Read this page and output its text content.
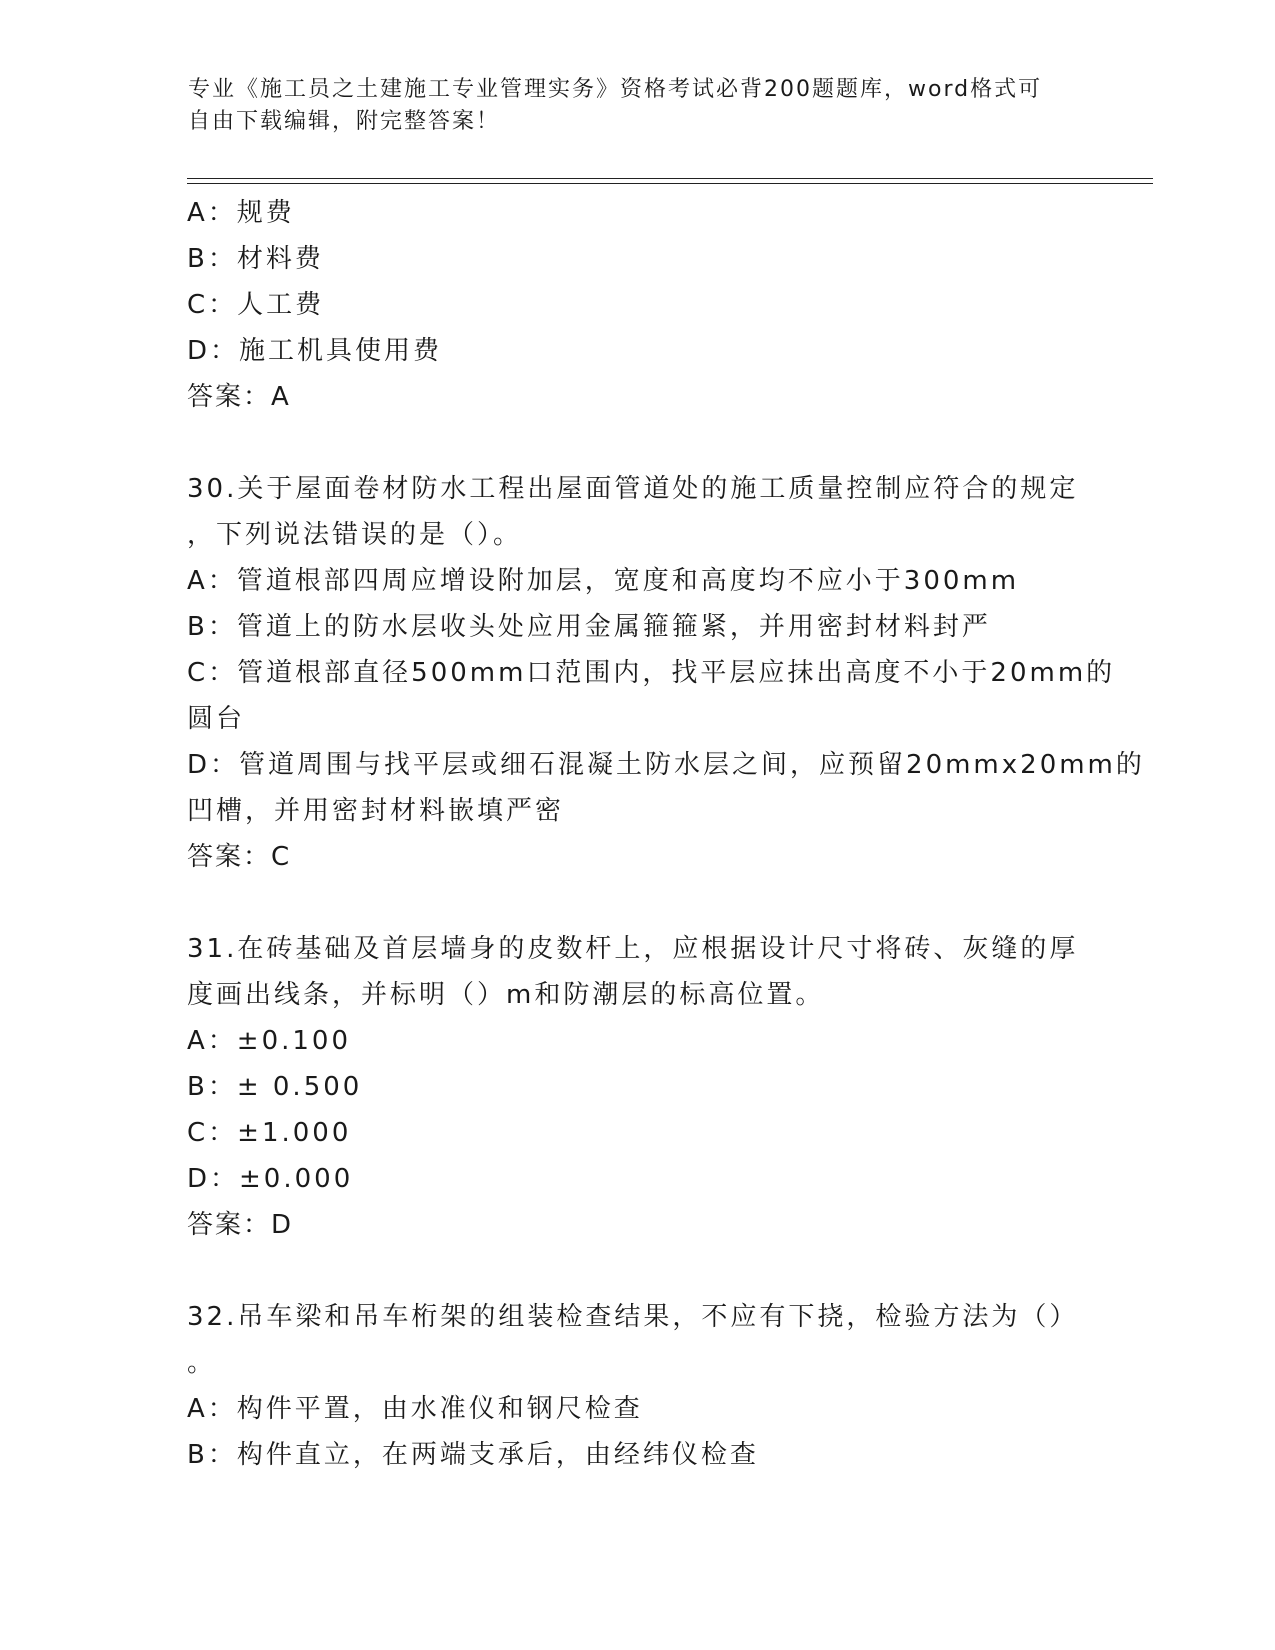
专业《施工员之土建施工专业管理实务》资格考试必背200题题库，word格式可
自由下载编辑，附完整答案！
A：规费
B：材料费
C：人工费
D：施工机具使用费
答案：A
30.关于屋面卷材防水工程出屋面管道处的施工质量控制应符合的规定
，下列说法错误的是（）。
A：管道根部四周应增设附加层，宽度和高度均不应小于300mm
B：管道上的防水层收头处应用金属箍箍紧，并用密封材料封严
C：管道根部直径500mm口范围内，找平层应抹出高度不小于20mm的
圆台
D：管道周围与找平层或细石混凝土防水层之间，应预留20mmx20mm的
凹槽，并用密封材料嵌填严密
答案：C
31.在砖基础及首层墙身的皮数杆上，应根据设计尺寸将砖、灰缝的厚
度画出线条，并标明（）m和防潮层的标高位置。
A：±0.100
B：± 0.500
C：±1.000
D：±0.000
答案：D
32.吊车梁和吊车桁架的组装检查结果，不应有下挠，检验方法为（）
。
A：构件平置，由水准仪和钢尺检查
B：构件直立，在两端支承后，由经纬仪检查
